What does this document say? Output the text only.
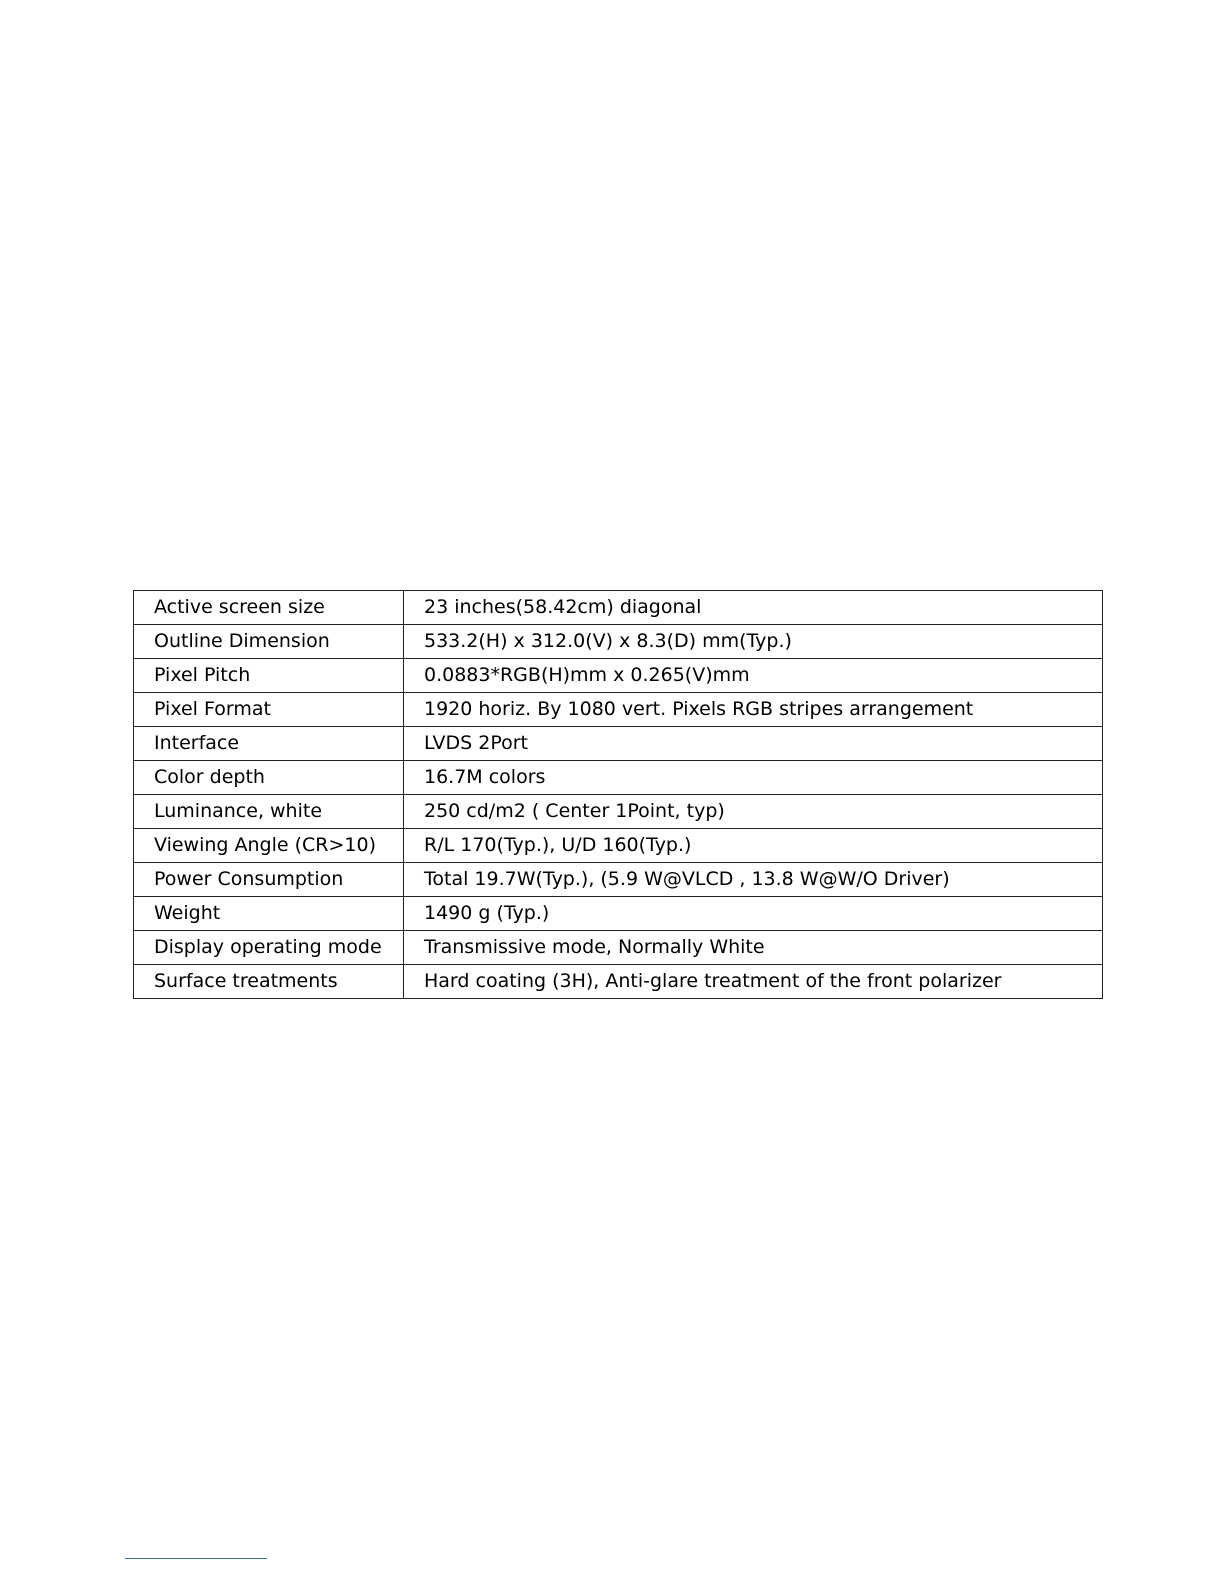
Active screen size	23 inches(58.42cm) diagonal
Outline Dimension	533.2(H) x 312.0(V) x 8.3(D) mm(Typ.)
Pixel Pitch	0.0883*RGB(H)mm x 0.265(V)mm
Pixel Format	1920 horiz. By 1080 vert. Pixels RGB stripes arrangement
Interface	LVDS 2Port
Color depth	16.7M colors
Luminance, white	250 cd/m2 ( Center 1Point, typ)
Viewing Angle (CR>10)	R/L 170(Typ.), U/D 160(Typ.)
Power Consumption	Total 19.7W(Typ.), (5.9 W@VLCD , 13.8 W@W/O Driver)
Weight	1490 g (Typ.)
Display operating mode	Transmissive mode, Normally White
Surface treatments	Hard coating (3H), Anti-glare treatment of the front polarizer
